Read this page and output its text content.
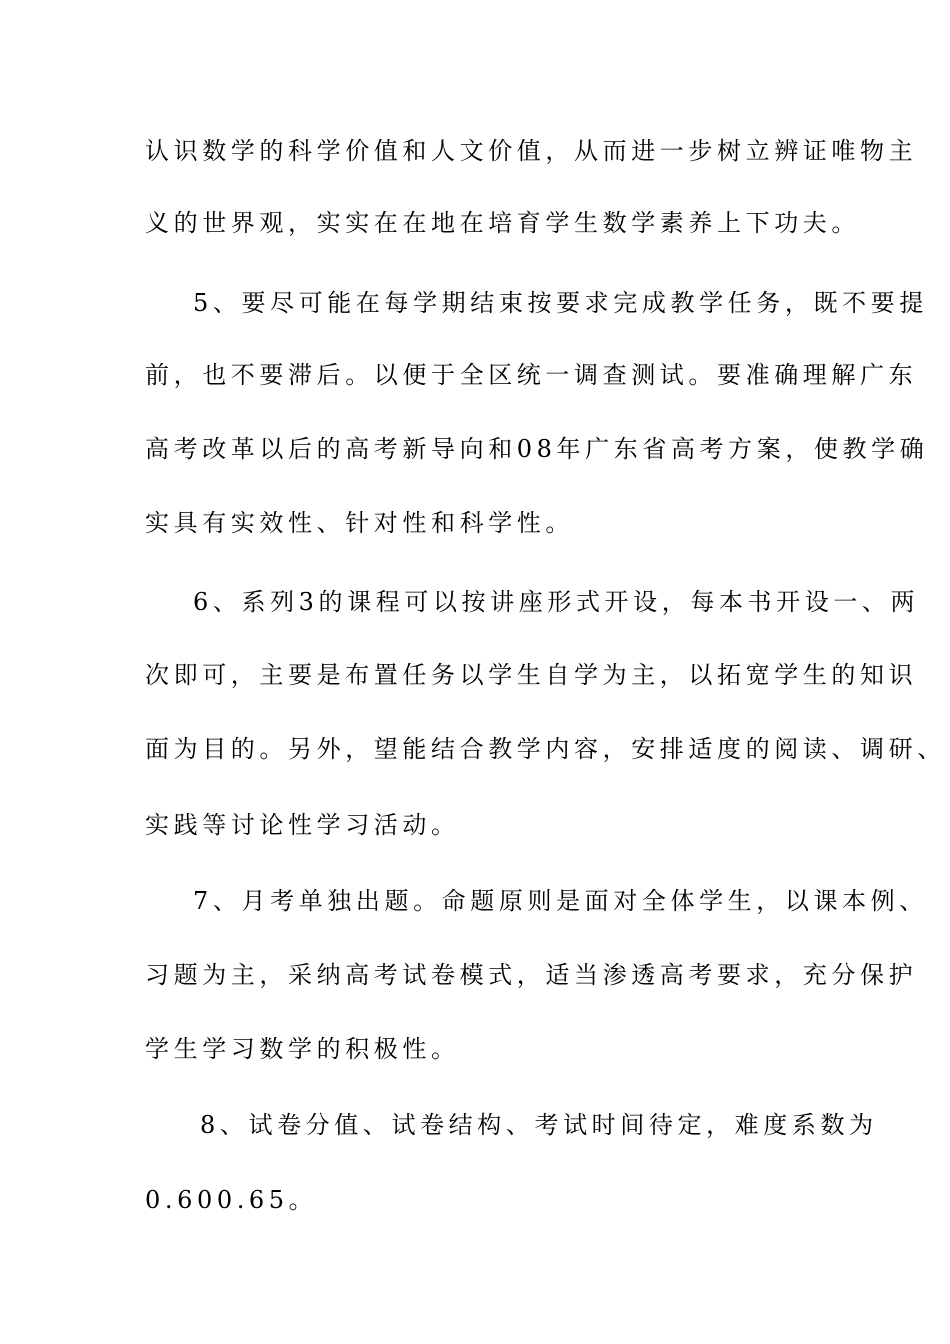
认识数学的科学价值和人文价值，从而进一步树立辨证唯物主
义的世界观，实实在在地在培育学生数学素养上下功夫。
5、要尽可能在每学期结束按要求完成教学任务，既不要提
前，也不要滞后。以便于全区统一调查测试。要准确理解广东
高考改革以后的高考新导向和08年广东省高考方案，使教学确
实具有实效性、针对性和科学性。
6、系列3的课程可以按讲座形式开设，每本书开设一、两
次即可，主要是布置任务以学生自学为主，以拓宽学生的知识
面为目的。另外，望能结合教学内容，安排适度的阅读、调研、
实践等讨论性学习活动。
7、月考单独出题。命题原则是面对全体学生，以课本例、
习题为主，采纳高考试卷模式，适当渗透高考要求，充分保护
学生学习数学的积极性。
8、试卷分值、试卷结构、考试时间待定，难度系数为
0.600.65。
